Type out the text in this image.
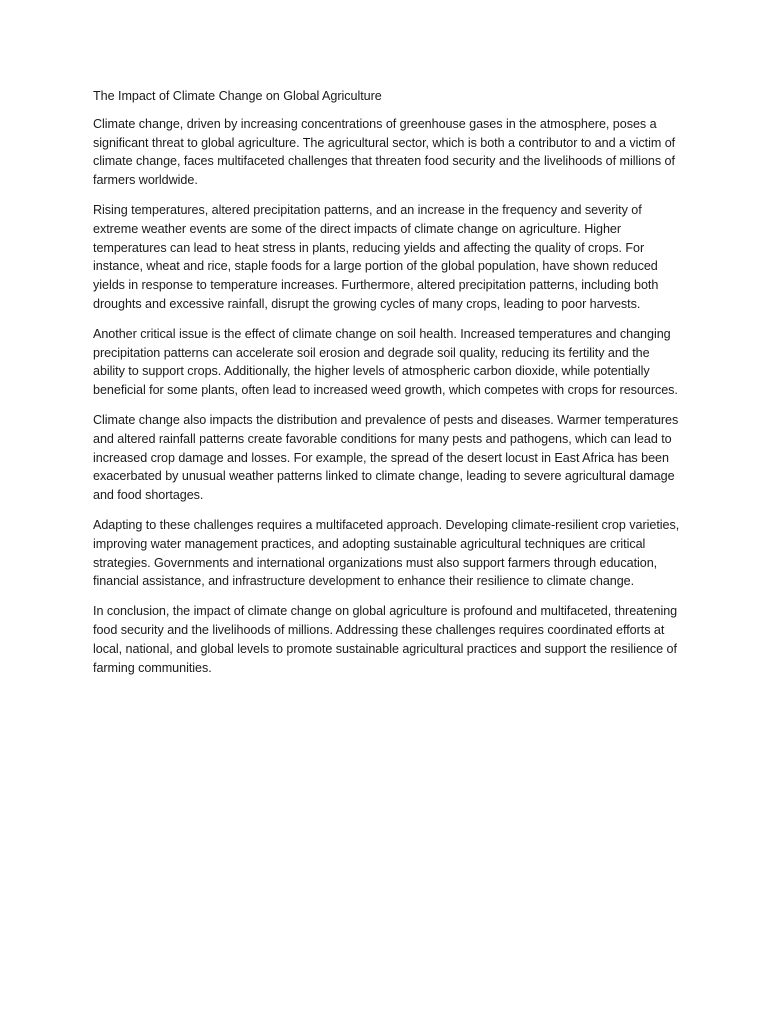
The Impact of Climate Change on Global Agriculture

Climate change, driven by increasing concentrations of greenhouse gases in the atmosphere, poses a significant threat to global agriculture. The agricultural sector, which is both a contributor to and a victim of climate change, faces multifaceted challenges that threaten food security and the livelihoods of millions of farmers worldwide.

Rising temperatures, altered precipitation patterns, and an increase in the frequency and severity of extreme weather events are some of the direct impacts of climate change on agriculture. Higher temperatures can lead to heat stress in plants, reducing yields and affecting the quality of crops. For instance, wheat and rice, staple foods for a large portion of the global population, have shown reduced yields in response to temperature increases. Furthermore, altered precipitation patterns, including both droughts and excessive rainfall, disrupt the growing cycles of many crops, leading to poor harvests.

Another critical issue is the effect of climate change on soil health. Increased temperatures and changing precipitation patterns can accelerate soil erosion and degrade soil quality, reducing its fertility and the ability to support crops. Additionally, the higher levels of atmospheric carbon dioxide, while potentially beneficial for some plants, often lead to increased weed growth, which competes with crops for resources.

Climate change also impacts the distribution and prevalence of pests and diseases. Warmer temperatures and altered rainfall patterns create favorable conditions for many pests and pathogens, which can lead to increased crop damage and losses. For example, the spread of the desert locust in East Africa has been exacerbated by unusual weather patterns linked to climate change, leading to severe agricultural damage and food shortages.

Adapting to these challenges requires a multifaceted approach. Developing climate-resilient crop varieties, improving water management practices, and adopting sustainable agricultural techniques are critical strategies. Governments and international organizations must also support farmers through education, financial assistance, and infrastructure development to enhance their resilience to climate change.

In conclusion, the impact of climate change on global agriculture is profound and multifaceted, threatening food security and the livelihoods of millions. Addressing these challenges requires coordinated efforts at local, national, and global levels to promote sustainable agricultural practices and support the resilience of farming communities.
